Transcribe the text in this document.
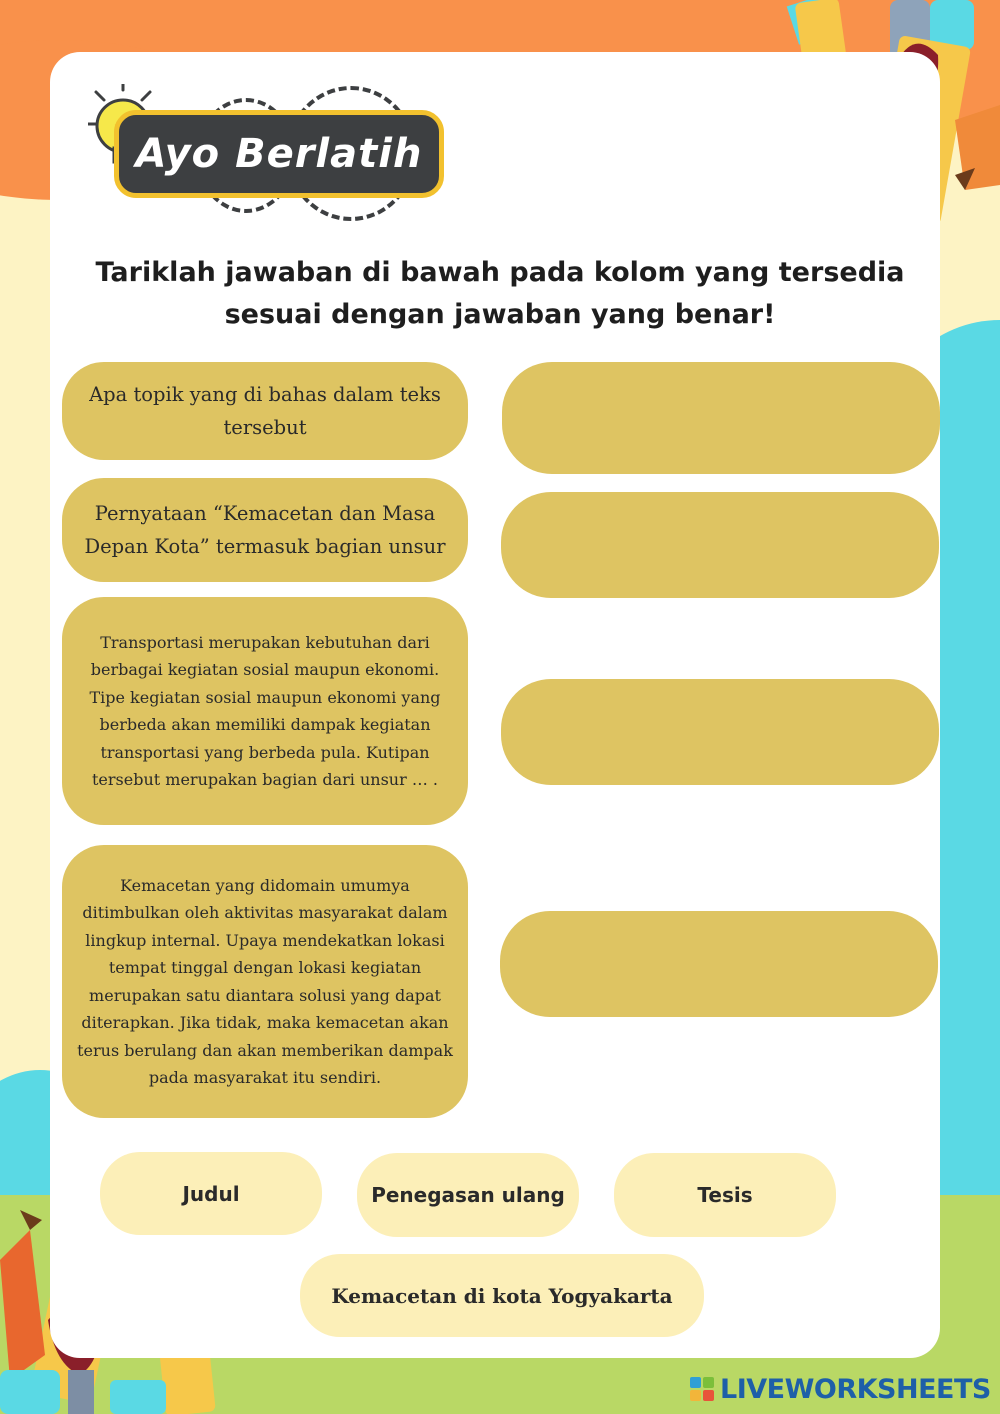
Ayo Berlatih
Tariklah jawaban di bawah pada kolom yang tersedia
sesuai dengan jawaban yang benar!
Apa topik yang di bahas dalam teks tersebut
Pernyataan “Kemacetan dan Masa Depan Kota” termasuk bagian unsur
Transportasi merupakan kebutuhan dari berbagai kegiatan sosial maupun ekonomi. Tipe kegiatan sosial maupun ekonomi yang berbeda akan memiliki dampak kegiatan transportasi yang berbeda pula. Kutipan tersebut merupakan bagian dari unsur … .
Kemacetan yang didomain umumya ditimbulkan oleh aktivitas masyarakat dalam lingkup internal. Upaya mendekatkan lokasi tempat tinggal dengan lokasi kegiatan merupakan satu diantara solusi yang dapat diterapkan. Jika tidak, maka kemacetan akan terus berulang dan akan memberikan dampak pada masyarakat itu sendiri.
Judul	Penegasan ulang	Tesis
Kemacetan di kota Yogyakarta
LIVEWORKSHEETS
